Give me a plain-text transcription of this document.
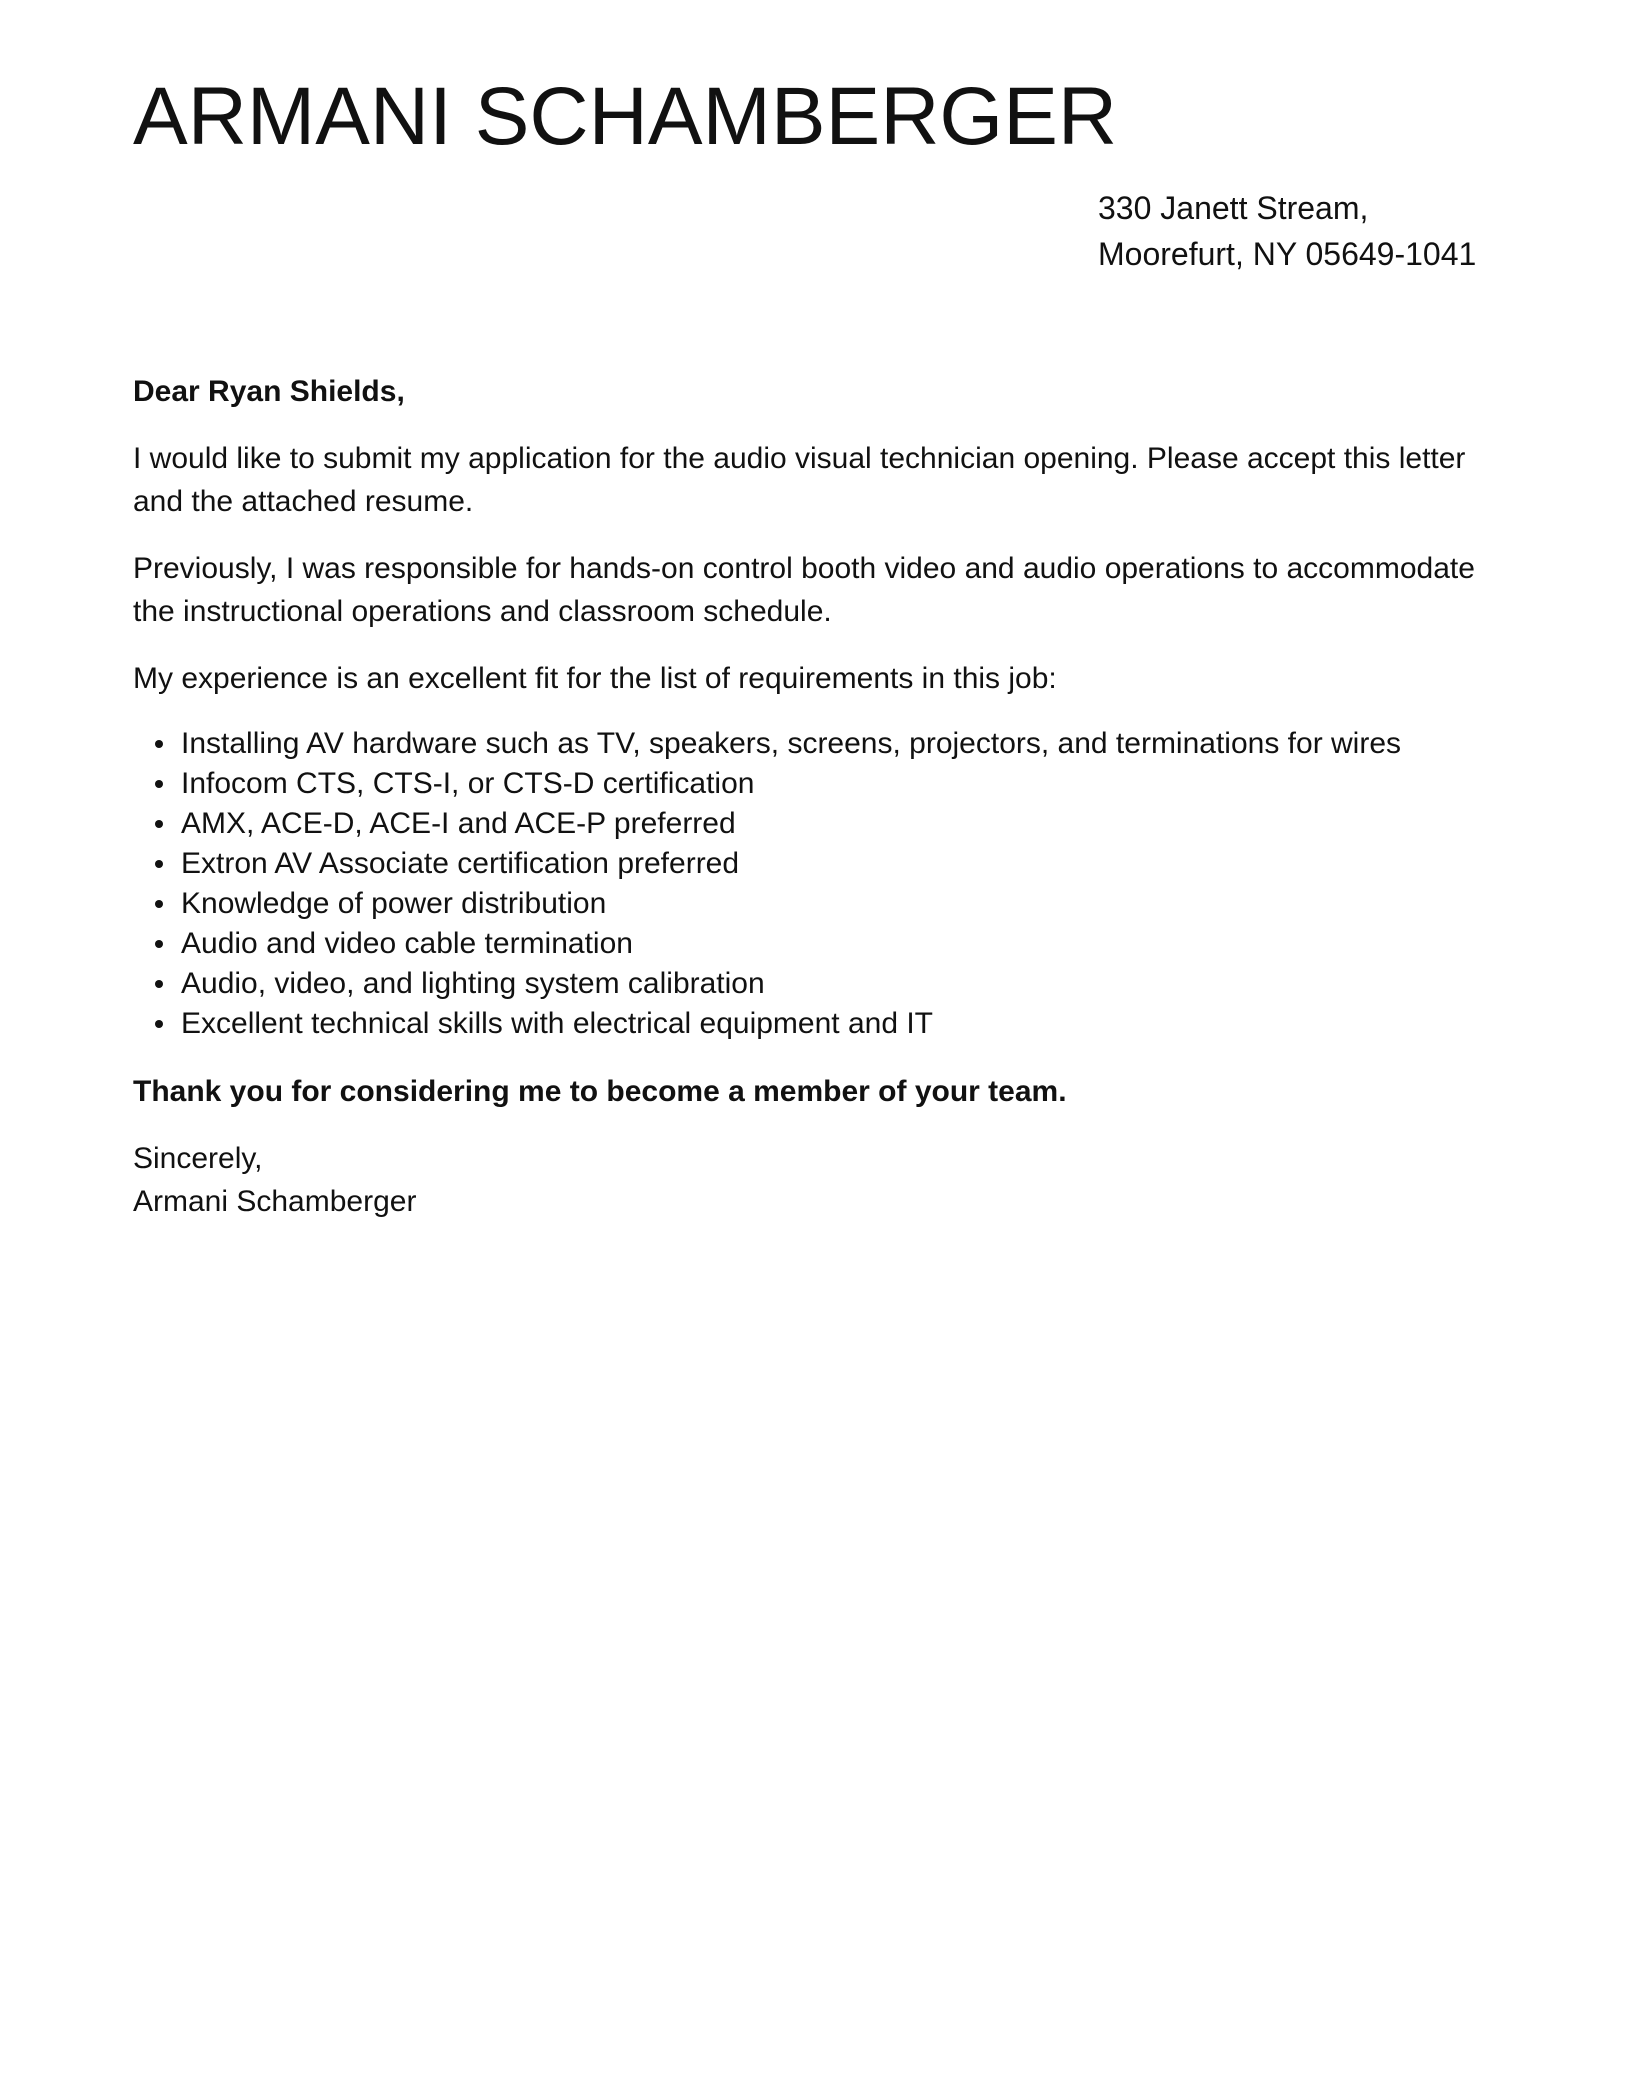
ARMANI SCHAMBERGER
330 Janett Stream,
Moorefurt, NY 05649-1041

Dear Ryan Shields,

I would like to submit my application for the audio visual technician opening. Please accept this letter and the attached resume.

Previously, I was responsible for hands-on control booth video and audio operations to accommodate the instructional operations and classroom schedule.

My experience is an excellent fit for the list of requirements in this job:

Installing AV hardware such as TV, speakers, screens, projectors, and terminations for wires
Infocom CTS, CTS-I, or CTS-D certification
AMX, ACE-D, ACE-I and ACE-P preferred
Extron AV Associate certification preferred
Knowledge of power distribution
Audio and video cable termination
Audio, video, and lighting system calibration
Excellent technical skills with electrical equipment and IT

Thank you for considering me to become a member of your team.

Sincerely,
Armani Schamberger
